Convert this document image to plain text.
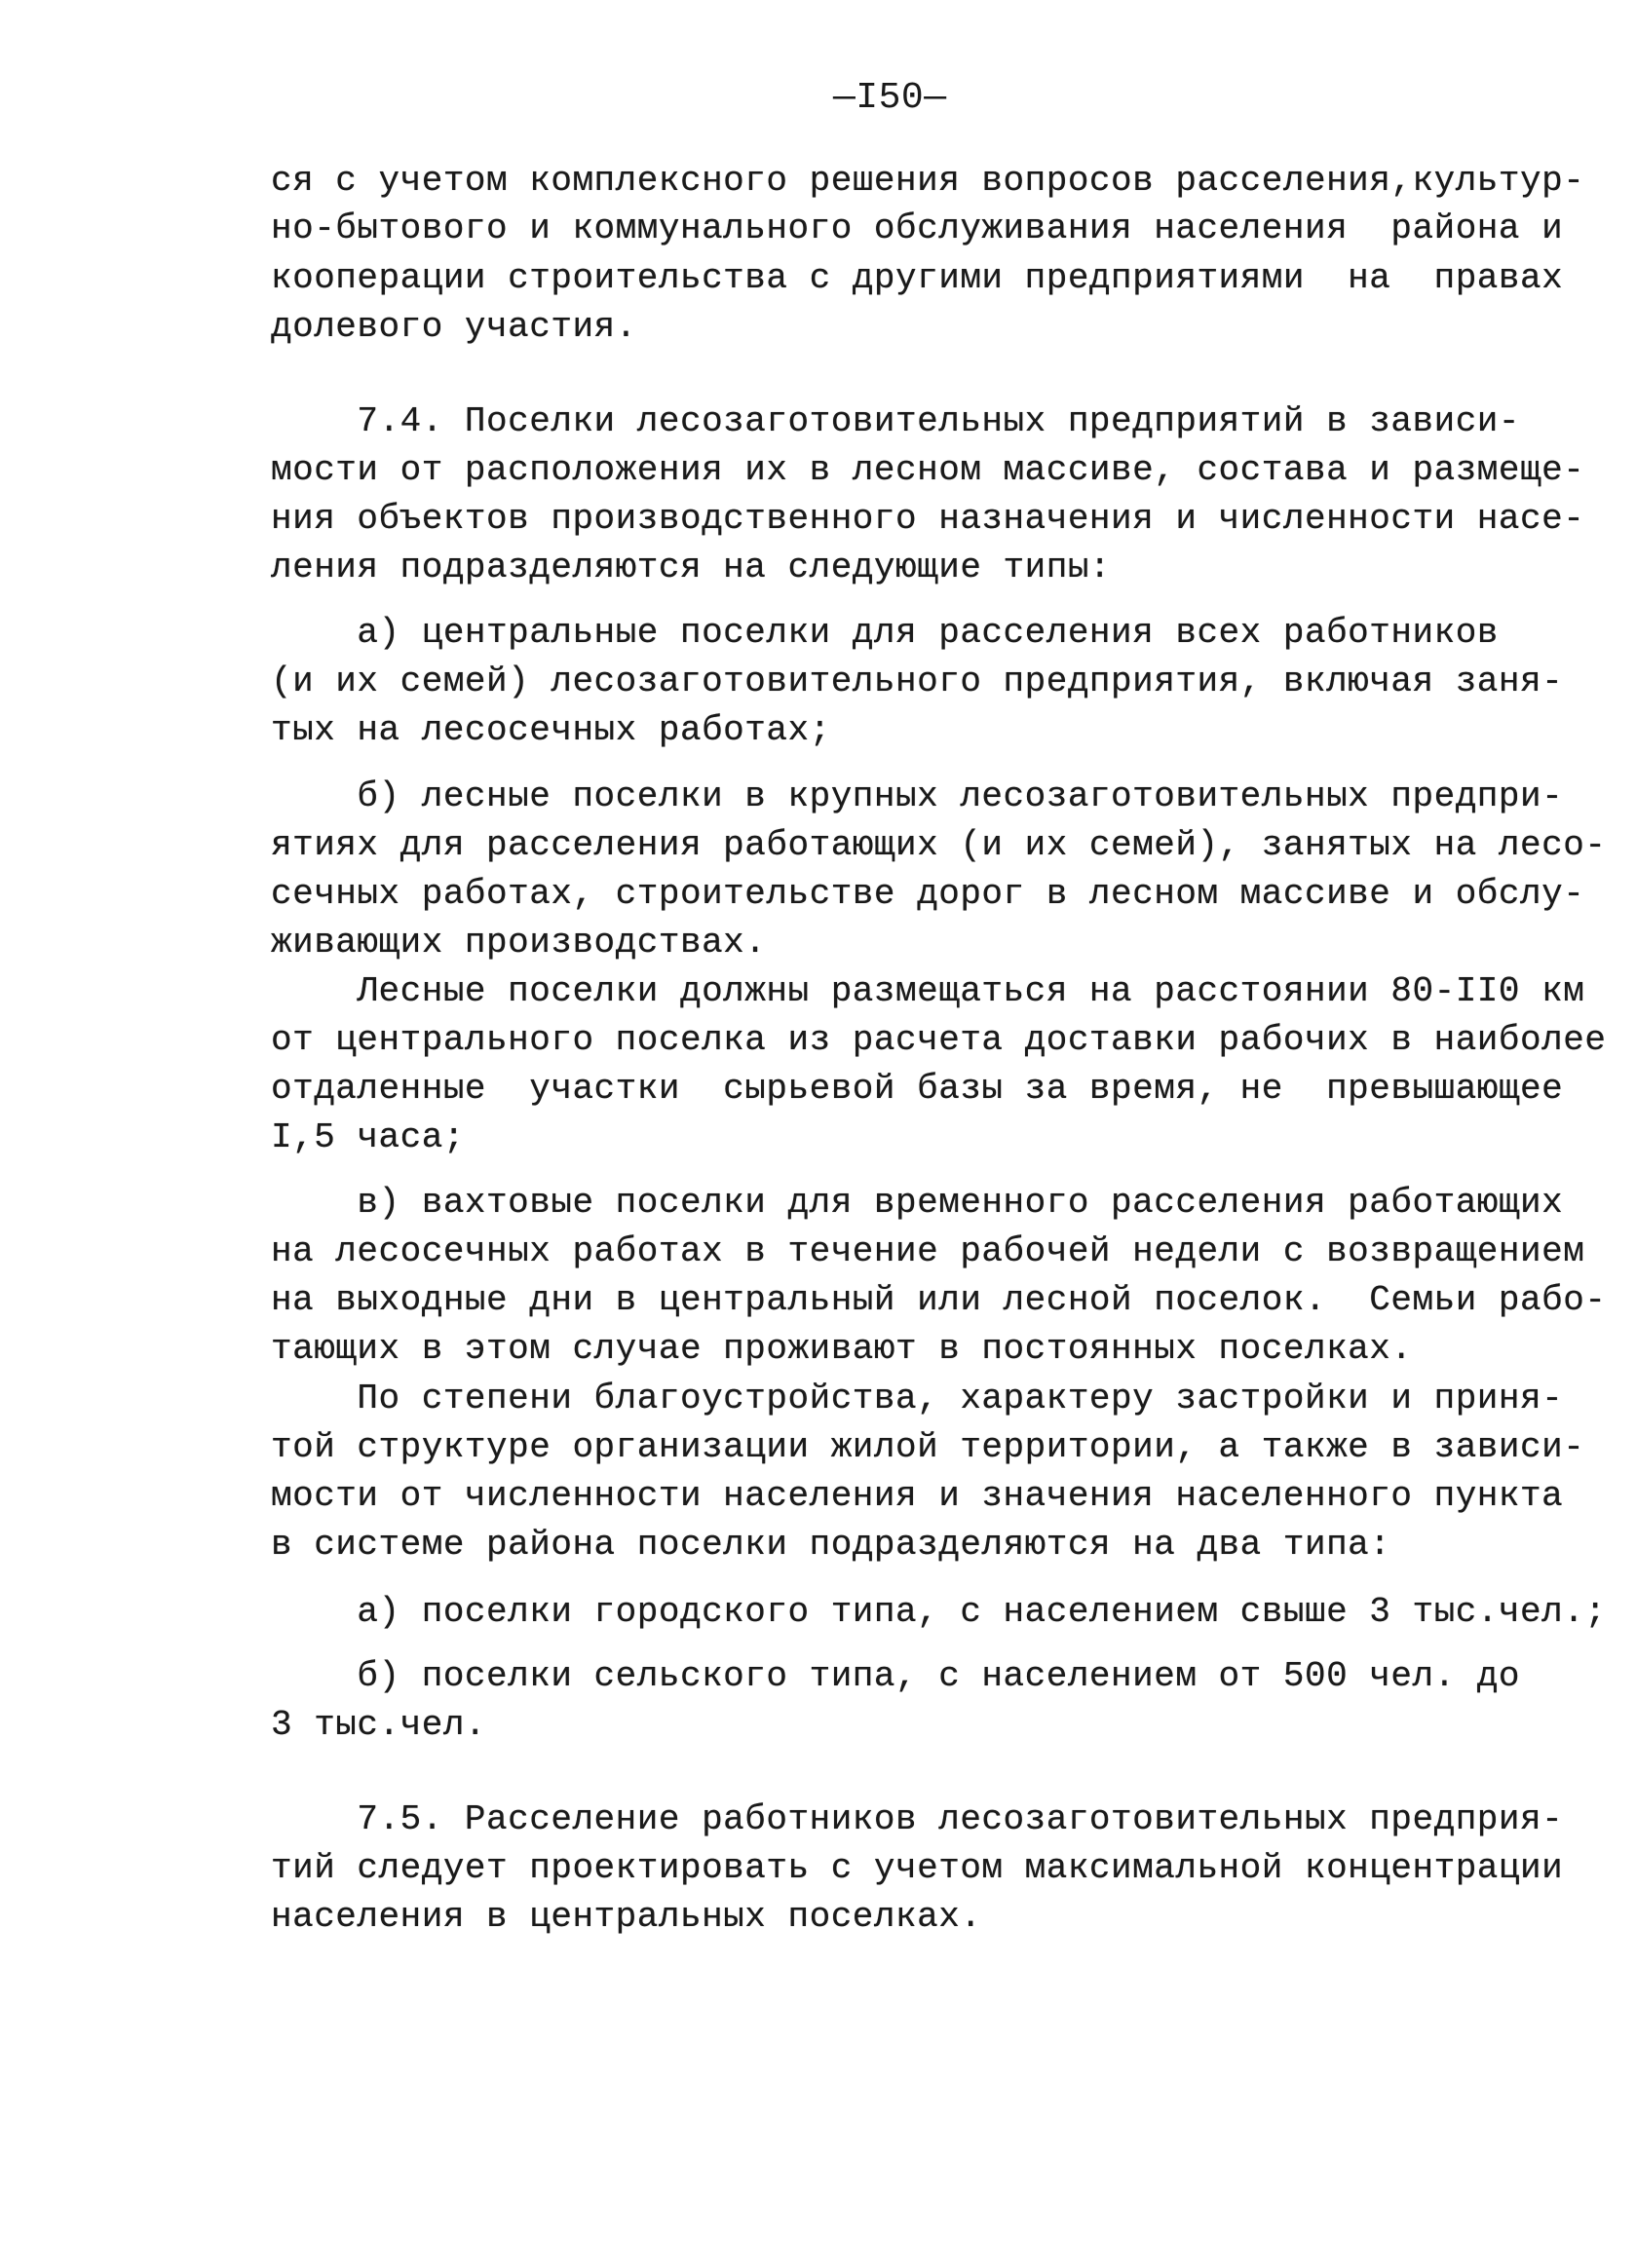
—I50—
ся с учетом комплексного решения вопросов расселения,культур-
но-бытового и коммунального обслуживания населения  района и
кооперации строительства с другими предприятиями  на  правах
долевого участия.
7.4. Поселки лесозаготовительных предприятий в зависи-
мости от расположения их в лесном массиве, состава и размеще-
ния объектов производственного назначения и численности насе-
ления подразделяются на следующие типы:
а) центральные поселки для расселения всех работников
(и их семей) лесозаготовительного предприятия, включая заня-
тых на лесосечных работах;
б) лесные поселки в крупных лесозаготовительных предпри-
ятиях для расселения работающих (и их семей), занятых на лесо-
сечных работах, строительстве дорог в лесном массиве и обслу-
живающих производствах.
Лесные поселки должны размещаться на расстоянии 80-II0 км
от центрального поселка из расчета доставки рабочих в наиболее
отдаленные  участки  сырьевой базы за время, не  превышающее
I,5 часа;
в) вахтовые поселки для временного расселения работающих
на лесосечных работах в течение рабочей недели с возвращением
на выходные дни в центральный или лесной поселок.  Семьи рабо-
тающих в этом случае проживают в постоянных поселках.
По степени благоустройства, характеру застройки и приня-
той структуре организации жилой территории, а также в зависи-
мости от численности населения и значения населенного пункта
в системе района поселки подразделяются на два типа:
а) поселки городского типа, с населением свыше 3 тыс.чел.;
б) поселки сельского типа, с населением от 500 чел. до
3 тыс.чел.
7.5. Расселение работников лесозаготовительных предприя-
тий следует проектировать с учетом максимальной концентрации
населения в центральных поселках.
